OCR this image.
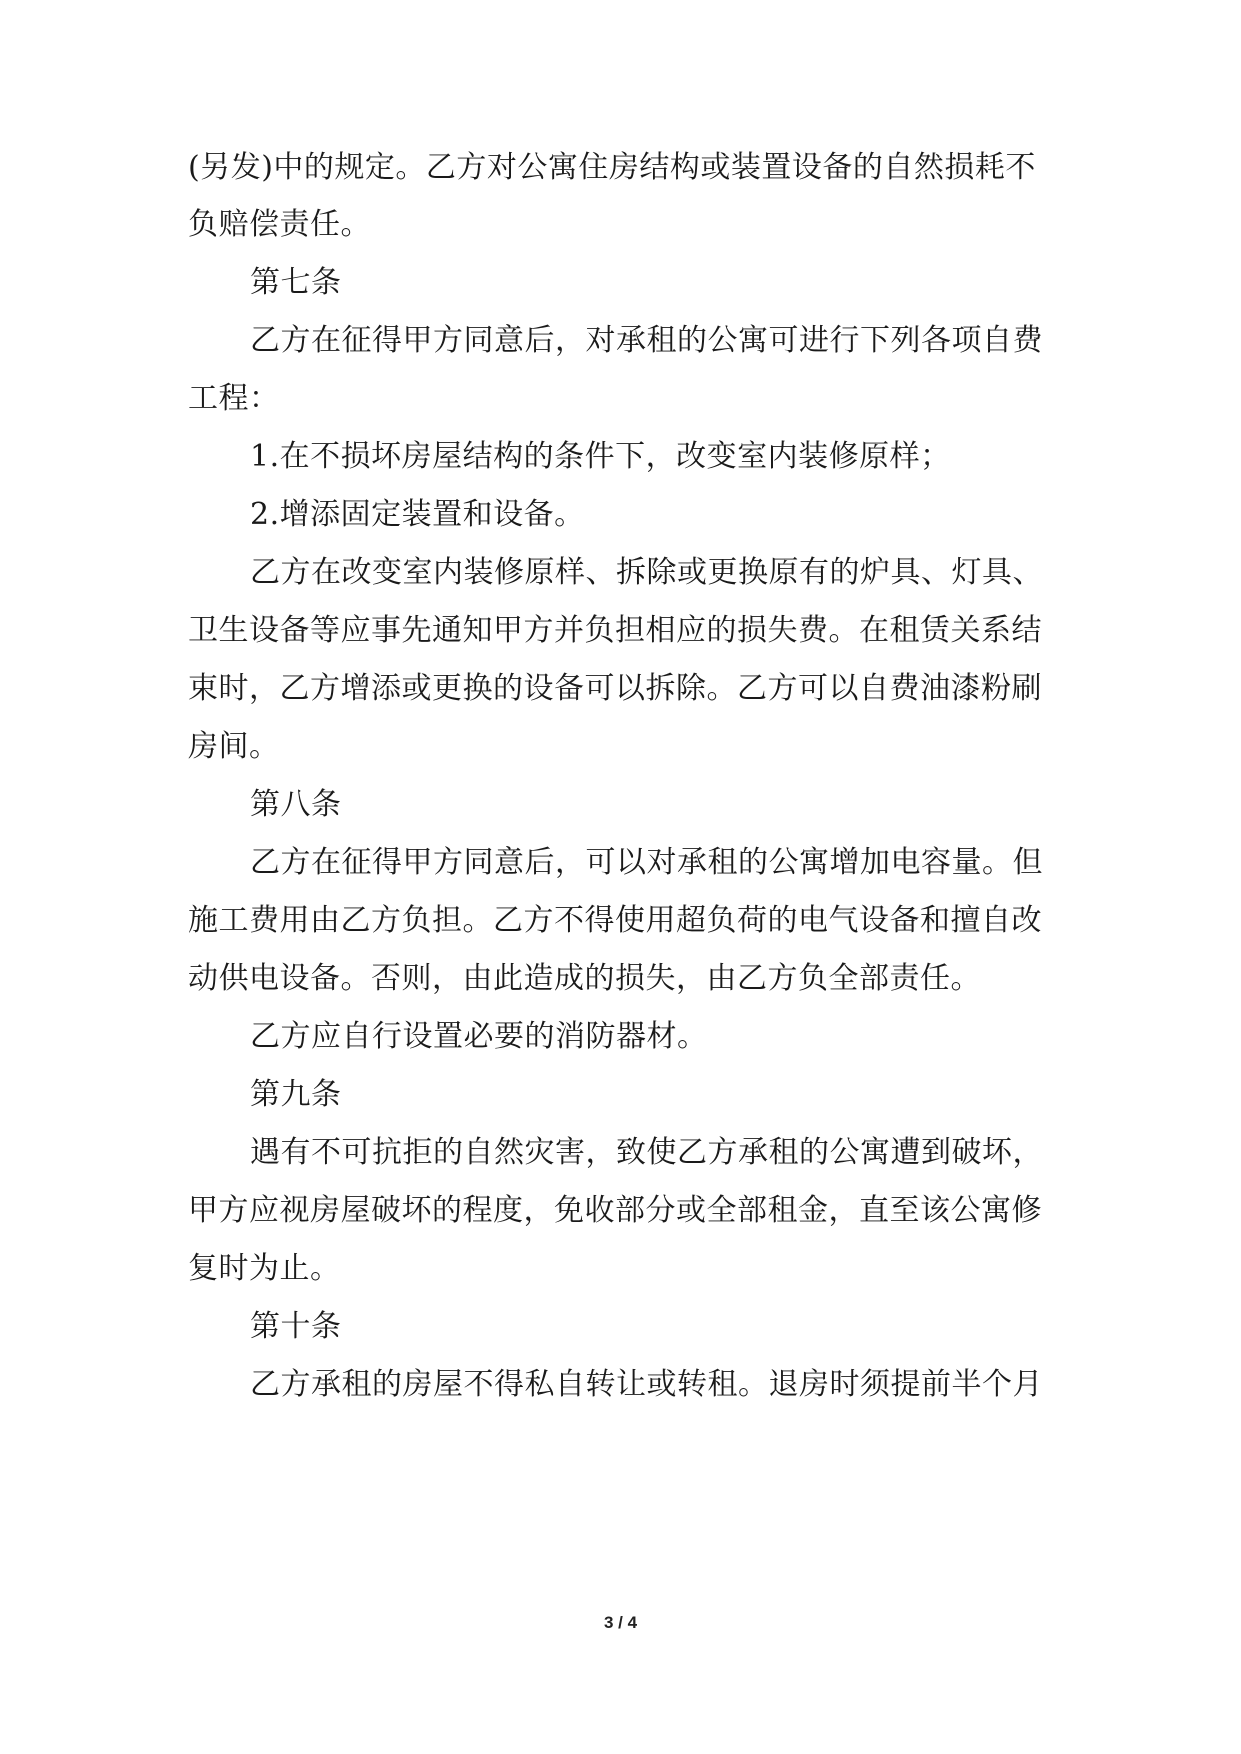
(另发)中的规定。乙方对公寓住房结构或装置设备的自然损耗不
负赔偿责任。
第七条
乙方在征得甲方同意后，对承租的公寓可进行下列各项自费
工程：
1.在不损坏房屋结构的条件下，改变室内装修原样；
2.增添固定装置和设备。
乙方在改变室内装修原样、拆除或更换原有的炉具、灯具、
卫生设备等应事先通知甲方并负担相应的损失费。在租赁关系结
束时，乙方增添或更换的设备可以拆除。乙方可以自费油漆粉刷
房间。
第八条
乙方在征得甲方同意后，可以对承租的公寓增加电容量。但
施工费用由乙方负担。乙方不得使用超负荷的电气设备和擅自改
动供电设备。否则，由此造成的损失，由乙方负全部责任。
乙方应自行设置必要的消防器材。
第九条
遇有不可抗拒的自然灾害，致使乙方承租的公寓遭到破坏，
甲方应视房屋破坏的程度，免收部分或全部租金，直至该公寓修
复时为止。
第十条
乙方承租的房屋不得私自转让或转租。退房时须提前半个月
3 / 4
